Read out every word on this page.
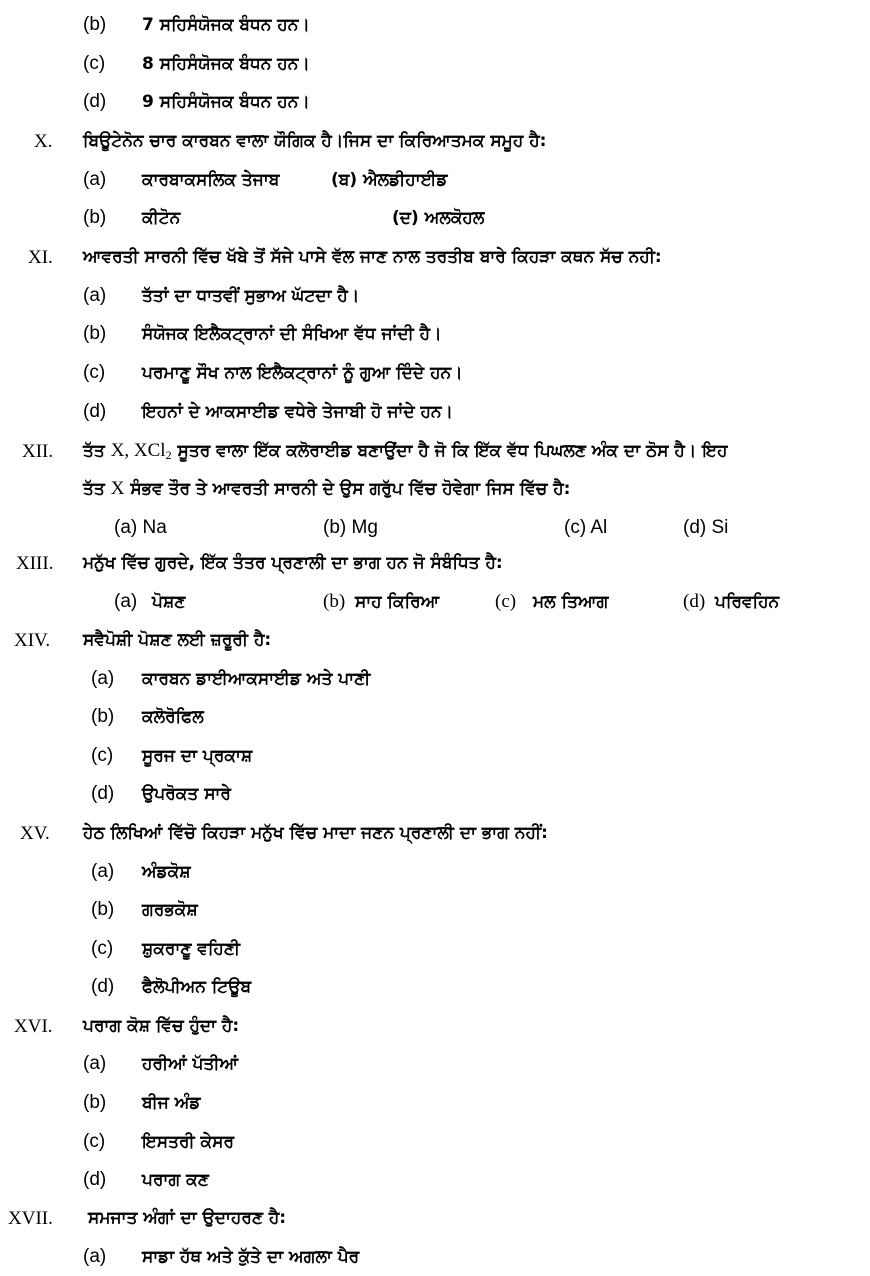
(b) 7 ਸਹਿਸੰਯੋਜਕ ਬੰਧਨ ਹਨ।
(c) 8 ਸਹਿਸੰਯੋਜਕ ਬੰਧਨ ਹਨ।
(d) 9 ਸਹਿਸੰਯੋਜਕ ਬੰਧਨ ਹਨ।
X. ਬਿਊਟੇਨੋਨ ਚਾਰ ਕਾਰਬਨ ਵਾਲਾ ਯੌਗਿਕ ਹੈ।ਜਿਸ ਦਾ ਕਿਰਿਆਤਮਕ ਸਮੂਹ ਹੈ:
(a) ਕਾਰਬਾਕਸਲਿਕ ਤੇਜਾਬ	(ਬ) ਐਲਡੀਹਾਈਡ
(b) ਕੀਟੋਨ	(ਦ) ਅਲਕੋਹਲ
XI. ਆਵਰਤੀ ਸਾਰਨੀ ਵਿੱਚ ਖੱਬੇ ਤੋਂ ਸੱਜੇ ਪਾਸੇ ਵੱਲ ਜਾਣ ਨਾਲ ਤਰਤੀਬ ਬਾਰੇ ਕਿਹੜਾ ਕਥਨ ਸੱਚ ਨਹੀ:
(a) ਤੱਤਾਂ ਦਾ ਧਾਤਵੀਂ ਸੁਭਾਅ ਘੱਟਦਾ ਹੈ।
(b) ਸੰਯੋਜਕ ਇਲੈਕਟ੍ਰਾਨਾਂ ਦੀ ਸੰਖਿਆ ਵੱਧ ਜਾਂਦੀ ਹੈ।
(c) ਪਰਮਾਣੂ ਸੌਖ ਨਾਲ ਇਲੈਕਟ੍ਰਾਨਾਂ ਨੂੰ ਗੁਆ ਦਿੰਦੇ ਹਨ।
(d) ਇਹਨਾਂ ਦੇ ਆਕਸਾਈਡ ਵਧੇਰੇ ਤੇਜਾਬੀ ਹੋ ਜਾਂਦੇ ਹਨ।
XII. ਤੱਤ X, XCl$_2$ ਸੂਤਰ ਵਾਲਾ ਇੱਕ ਕਲੋਰਾਈਡ ਬਣਾਉਂਦਾ ਹੈ ਜੋ ਕਿ ਇੱਕ ਵੱਧ ਪਿਘਲਣ ਅੰਕ ਦਾ ਠੋਸ ਹੈ। ਇਹ
ਤੱਤ X ਸੰਭਵ ਤੌਰ ਤੇ ਆਵਰਤੀ ਸਾਰਨੀ ਦੇ ਉਸ ਗਰੁੱਪ ਵਿੱਚ ਹੋਵੇਗਾ ਜਿਸ ਵਿੱਚ ਹੈ:
(a) Na	(b) Mg	(c) Al	(d) Si
XIII. ਮਨੁੱਖ ਵਿੱਚ ਗੁਰਦੇ, ਇੱਕ ਤੰਤਰ ਪ੍ਰਣਾਲੀ ਦਾ ਭਾਗ ਹਨ ਜੋ ਸੰਬੰਧਿਤ ਹੈ:
(a) ਪੋਸ਼ਣ	(b) ਸਾਹ ਕਿਰਿਆ	(c) ਮਲ ਤਿਆਗ	(d) ਪਰਿਵਹਿਨ
XIV. ਸਵੈਪੋਸ਼ੀ ਪੋਸ਼ਣ ਲਈ ਜ਼ਰੂਰੀ ਹੈ:
(a) ਕਾਰਬਨ ਡਾਈਆਕਸਾਈਡ ਅਤੇ ਪਾਣੀ
(b) ਕਲੋਰੋਫਿਲ
(c) ਸੂਰਜ ਦਾ ਪ੍ਰਕਾਸ਼
(d) ਉਪਰੋਕਤ ਸਾਰੇ
XV. ਹੇਠ ਲਿਖਿਆਂ ਵਿੱਚੋ ਕਿਹੜਾ ਮਨੁੱਖ ਵਿੱਚ ਮਾਦਾ ਜਣਨ ਪ੍ਰਣਾਲੀ ਦਾ ਭਾਗ ਨਹੀਂ:
(a) ਅੰਡਕੋਸ਼
(b) ਗਰਭਕੋਸ਼
(c) ਸ਼ੁਕਰਾਣੂ ਵਹਿਣੀ
(d) ਫੈਲੋਪੀਅਨ ਟਿਊਬ
XVI. ਪਰਾਗ ਕੋਸ਼ ਵਿੱਚ ਹੁੰਦਾ ਹੈ:
(a) ਹਰੀਆਂ ਪੱਤੀਆਂ
(b) ਬੀਜ ਅੰਡ
(c) ਇਸਤਰੀ ਕੇਸਰ
(d) ਪਰਾਗ ਕਣ
XVII. ਸਮਜਾਤ ਅੰਗਾਂ ਦਾ ਉਦਾਹਰਣ ਹੈ:
(a) ਸਾਡਾ ਹੱਥ ਅਤੇ ਕੁੱਤੇ ਦਾ ਅਗਲਾ ਪੈਰ
